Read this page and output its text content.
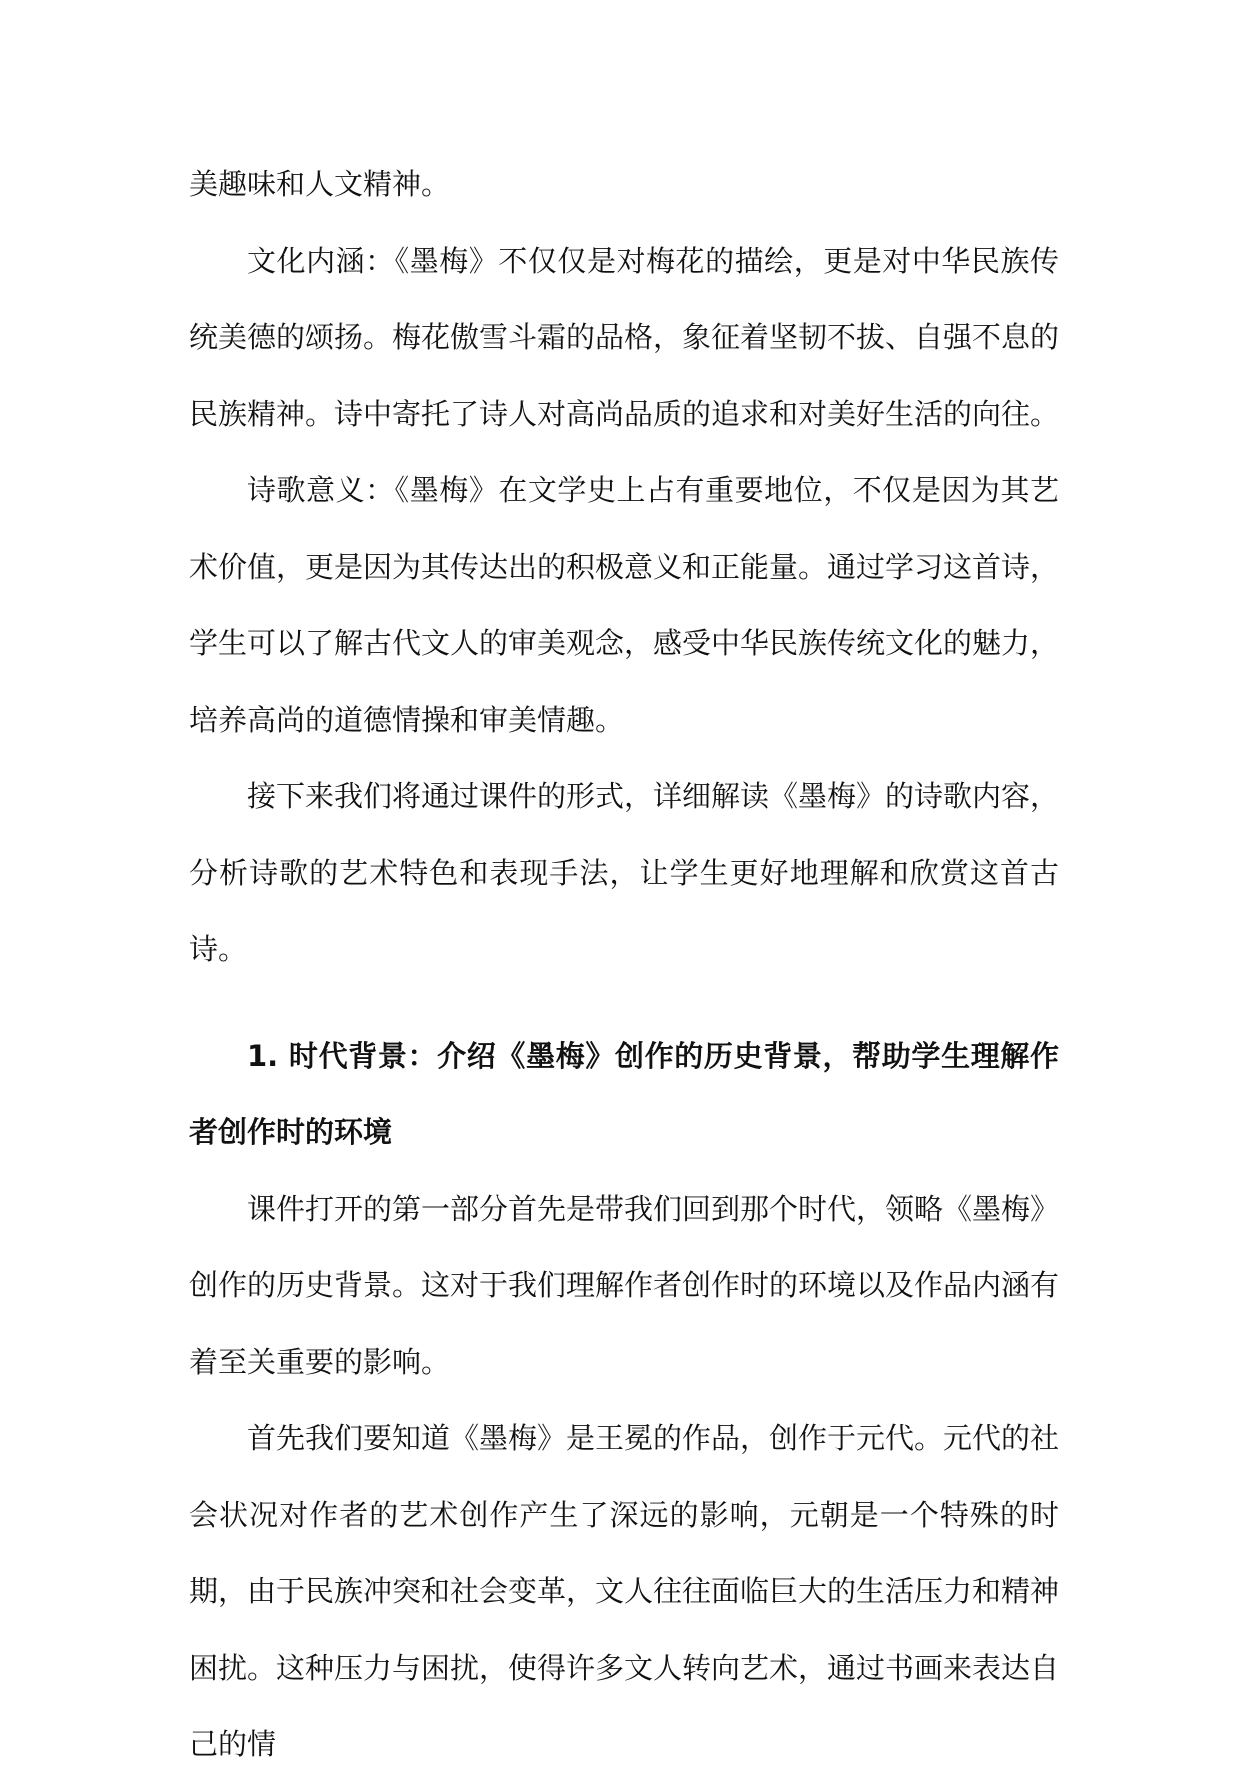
美趣味和人文精神。

文化内涵：《墨梅》不仅仅是对梅花的描绘，更是对中华民族传统美德的颂扬。梅花傲雪斗霜的品格，象征着坚韧不拔、自强不息的民族精神。诗中寄托了诗人对高尚品质的追求和对美好生活的向往。

诗歌意义：《墨梅》在文学史上占有重要地位，不仅是因为其艺术价值，更是因为其传达出的积极意义和正能量。通过学习这首诗，学生可以了解古代文人的审美观念，感受中华民族传统文化的魅力，培养高尚的道德情操和审美情趣。

接下来我们将通过课件的形式，详细解读《墨梅》的诗歌内容，分析诗歌的艺术特色和表现手法，让学生更好地理解和欣赏这首古诗。

1. 时代背景：介绍《墨梅》创作的历史背景，帮助学生理解作者创作时的环境

课件打开的第一部分首先是带我们回到那个时代，领略《墨梅》创作的历史背景。这对于我们理解作者创作时的环境以及作品内涵有着至关重要的影响。

首先我们要知道《墨梅》是王冕的作品，创作于元代。元代的社会状况对作者的艺术创作产生了深远的影响，元朝是一个特殊的时期，由于民族冲突和社会变革，文人往往面临巨大的生活压力和精神困扰。这种压力与困扰，使得许多文人转向艺术，通过书画来表达自己的情
